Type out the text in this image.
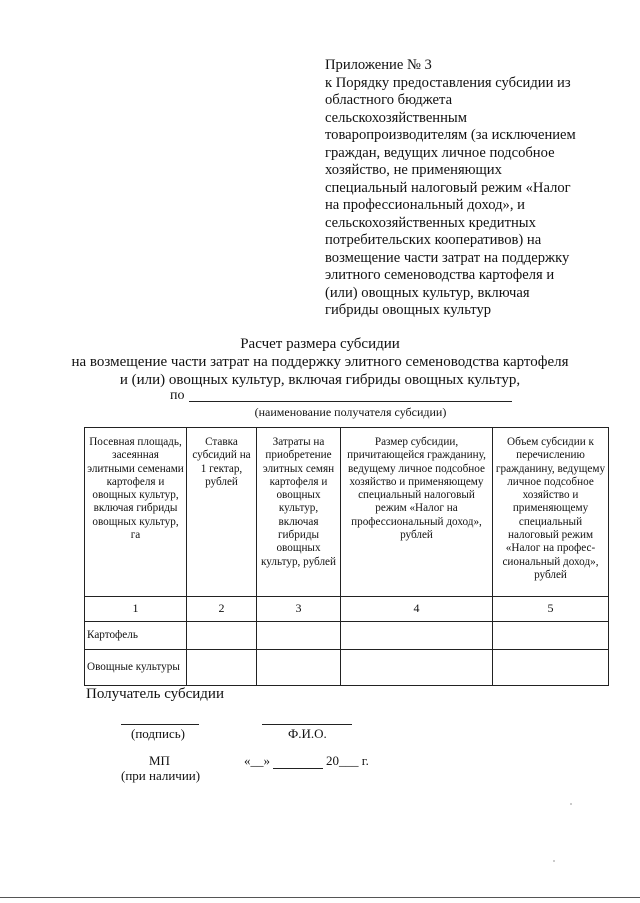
Приложение № 3
к Порядку предоставления субсидии из
областного бюджета
сельскохозяйственным
товаропроизводителям (за исключением
граждан, ведущих личное подсобное
хозяйство, не применяющих
специальный налоговый режим «Налог
на профессиональный доход», и
сельскохозяйственных кредитных
потребительских кооперативов) на
возмещение части затрат на поддержку
элитного семеноводства картофеля и
(или) овощных культур, включая
гибриды овощных культур
Расчет размера субсидии
на возмещение части затрат на поддержку элитного семеноводства картофеля
и (или) овощных культур, включая гибриды овощных культур,
по
(наименование получателя субсидии)
Посевная площадь, засеянная элитными семенами картофеля и овощных культур, включая гибриды овощных культур, га	Ставка субсидий на 1 гектар, рублей	Затраты на приобретение элитных семян картофеля и овощных культур, включая гибриды овощных культур, рублей	Размер субсидии, причитающейся гражданину, ведущему личное подсобное хозяйство и применяющему специальный налоговый режим «Налог на профессиональный доход», рублей	Объем субсидии к перечислению гражданину, ведущему личное подсобное хозяйство и применяющему специальный налоговый режим «Налог на профес-сиональный доход», рублей
1	2	3	4	5
Картофель				
Овощные культуры				
Получатель субсидии
(подпись)	Ф.И.О.
МП
(при наличии)
«__»	20___ г.
